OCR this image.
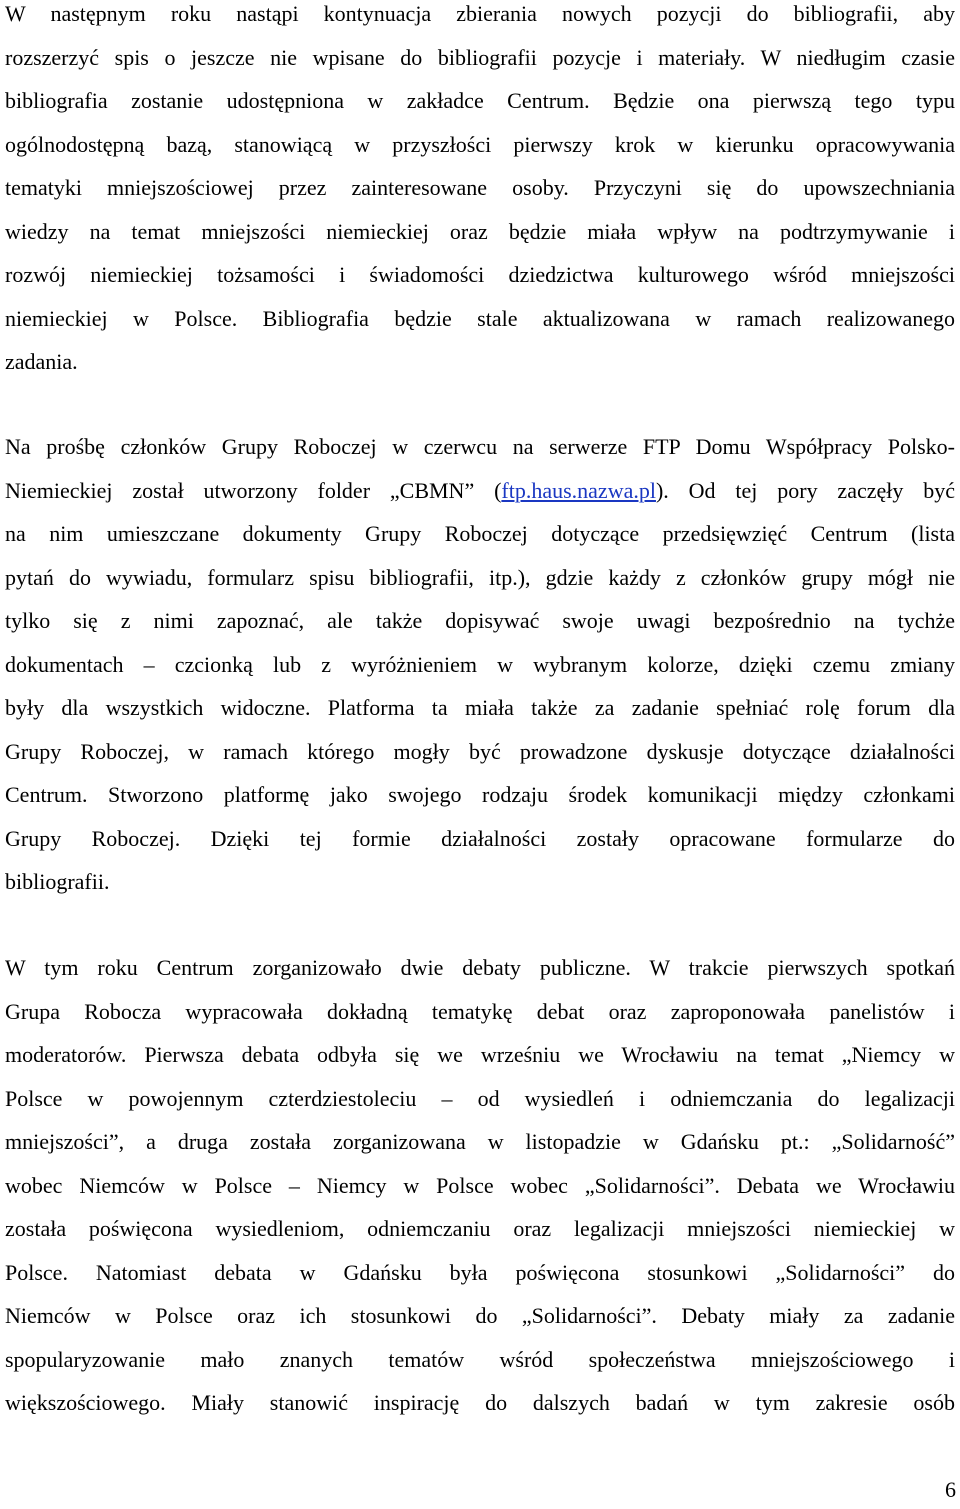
W następnym roku nastąpi kontynuacja zbierania nowych pozycji do bibliografii, aby
rozszerzyć spis o jeszcze nie wpisane do bibliografii pozycje i materiały. W niedługim czasie
bibliografia zostanie udostępniona w zakładce Centrum. Będzie ona pierwszą tego typu
ogólnodostępną bazą, stanowiącą w przyszłości pierwszy krok w kierunku opracowywania
tematyki mniejszościowej przez zainteresowane osoby. Przyczyni się do upowszechniania
wiedzy na temat mniejszości niemieckiej oraz będzie miała wpływ na podtrzymywanie i
rozwój niemieckiej tożsamości i świadomości dziedzictwa kulturowego wśród mniejszości
niemieckiej w Polsce. Bibliografia będzie stale aktualizowana w ramach realizowanego
zadania.
Na prośbę członków Grupy Roboczej w czerwcu na serwerze FTP Domu Współpracy Polsko-
Niemieckiej został utworzony folder „CBMN” (ftp.haus.nazwa.pl). Od tej pory zaczęły być
na nim umieszczane dokumenty Grupy Roboczej dotyczące przedsięwzięć Centrum (lista
pytań do wywiadu, formularz spisu bibliografii, itp.), gdzie każdy z członków grupy mógł nie
tylko się z nimi zapoznać, ale także dopisywać swoje uwagi bezpośrednio na tychże
dokumentach – czcionką lub z wyróżnieniem w wybranym kolorze, dzięki czemu zmiany
były dla wszystkich widoczne. Platforma ta miała także za zadanie spełniać rolę forum dla
Grupy Roboczej, w ramach którego mogły być prowadzone dyskusje dotyczące działalności
Centrum. Stworzono platformę jako swojego rodzaju środek komunikacji między członkami
Grupy Roboczej. Dzięki tej formie działalności zostały opracowane formularze do
bibliografii.
W tym roku Centrum zorganizowało dwie debaty publiczne. W trakcie pierwszych spotkań
Grupa Robocza wypracowała dokładną tematykę debat oraz zaproponowała panelistów i
moderatorów. Pierwsza debata odbyła się we wrześniu we Wrocławiu na temat „Niemcy w
Polsce w powojennym czterdziestoleciu – od wysiedleń i odniemczania do legalizacji
mniejszości”, a druga została zorganizowana w listopadzie w Gdańsku pt.: „Solidarność”
wobec Niemców w Polsce – Niemcy w Polsce wobec „Solidarności”. Debata we Wrocławiu
została poświęcona wysiedleniom, odniemczaniu oraz legalizacji mniejszości niemieckiej w
Polsce. Natomiast debata w Gdańsku była poświęcona stosunkowi „Solidarności” do
Niemców w Polsce oraz ich stosunkowi do „Solidarności”. Debaty miały za zadanie
spopularyzowanie mało znanych tematów wśród społeczeństwa mniejszościowego i
większościowego. Miały stanowić inspirację do dalszych badań w tym zakresie osób
6
